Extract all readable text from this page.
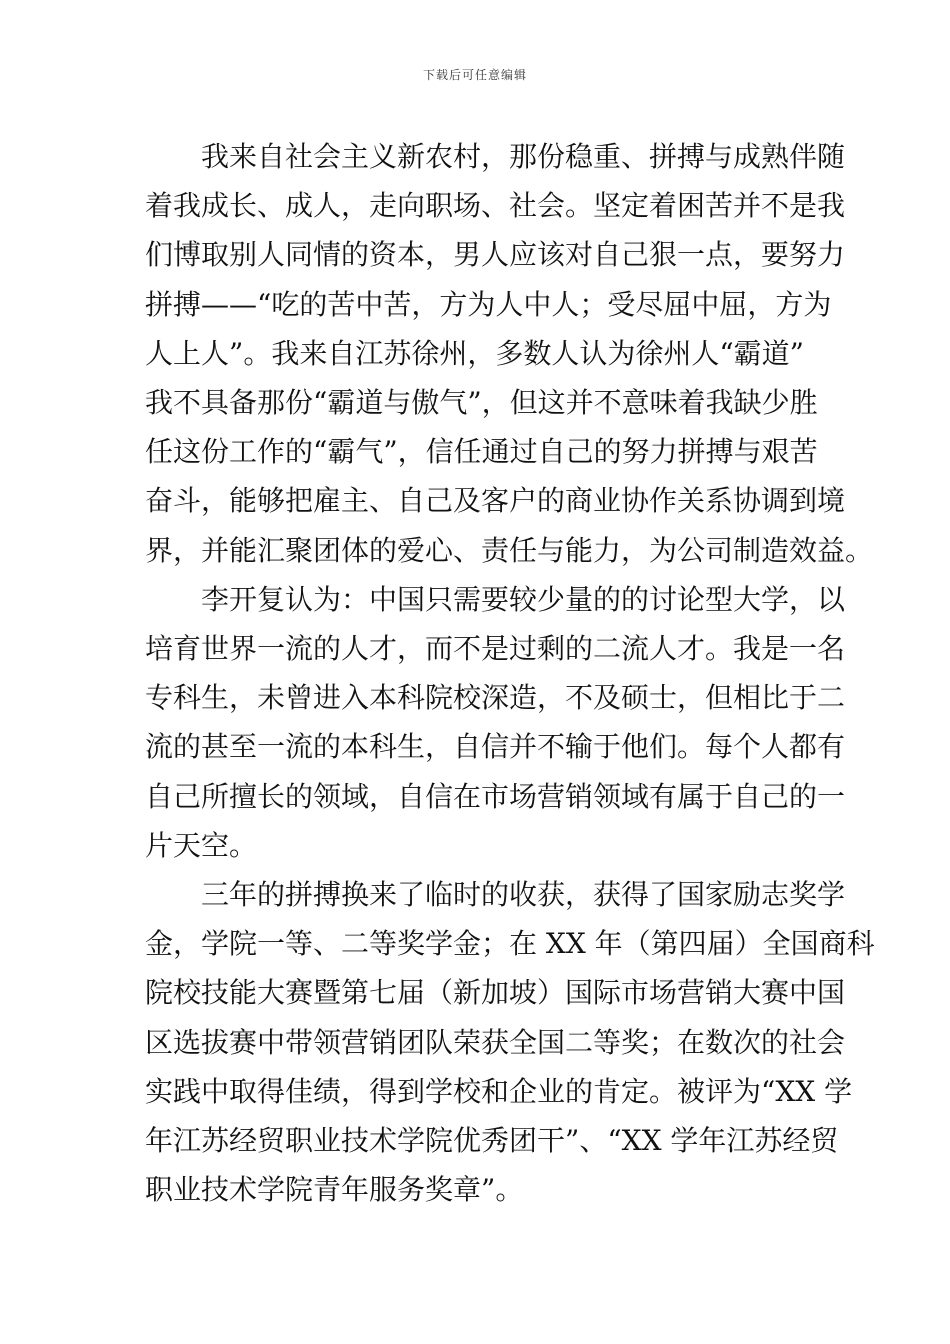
下载后可任意编辑

　　我来自社会主义新农村，那份稳重、拼搏与成熟伴随
着我成长、成人，走向职场、社会。坚定着困苦并不是我
们博取别人同情的资本，男人应该对自己狠一点，要努力
拼搏——“吃的苦中苦，方为人中人；受尽屈中屈，方为
人上人”。我来自江苏徐州，多数人认为徐州人“霸道”
我不具备那份“霸道与傲气”，但这并不意味着我缺少胜
任这份工作的“霸气”，信任通过自己的努力拼搏与艰苦
奋斗，能够把雇主、自己及客户的商业协作关系协调到境
界，并能汇聚团体的爱心、责任与能力，为公司制造效益。

　　李开复认为：中国只需要较少量的的讨论型大学，以
培育世界一流的人才，而不是过剩的二流人才。我是一名
专科生，未曾进入本科院校深造，不及硕士，但相比于二
流的甚至一流的本科生，自信并不输于他们。每个人都有
自己所擅长的领域，自信在市场营销领域有属于自己的一
片天空。

　　三年的拼搏换来了临时的收获，获得了国家励志奖学
金，学院一等、二等奖学金；在 XX 年（第四届）全国商科
院校技能大赛暨第七届（新加坡）国际市场营销大赛中国
区选拔赛中带领营销团队荣获全国二等奖；在数次的社会
实践中取得佳绩，得到学校和企业的肯定。被评为“XX 学
年江苏经贸职业技术学院优秀团干”、“XX 学年江苏经贸
职业技术学院青年服务奖章”。
